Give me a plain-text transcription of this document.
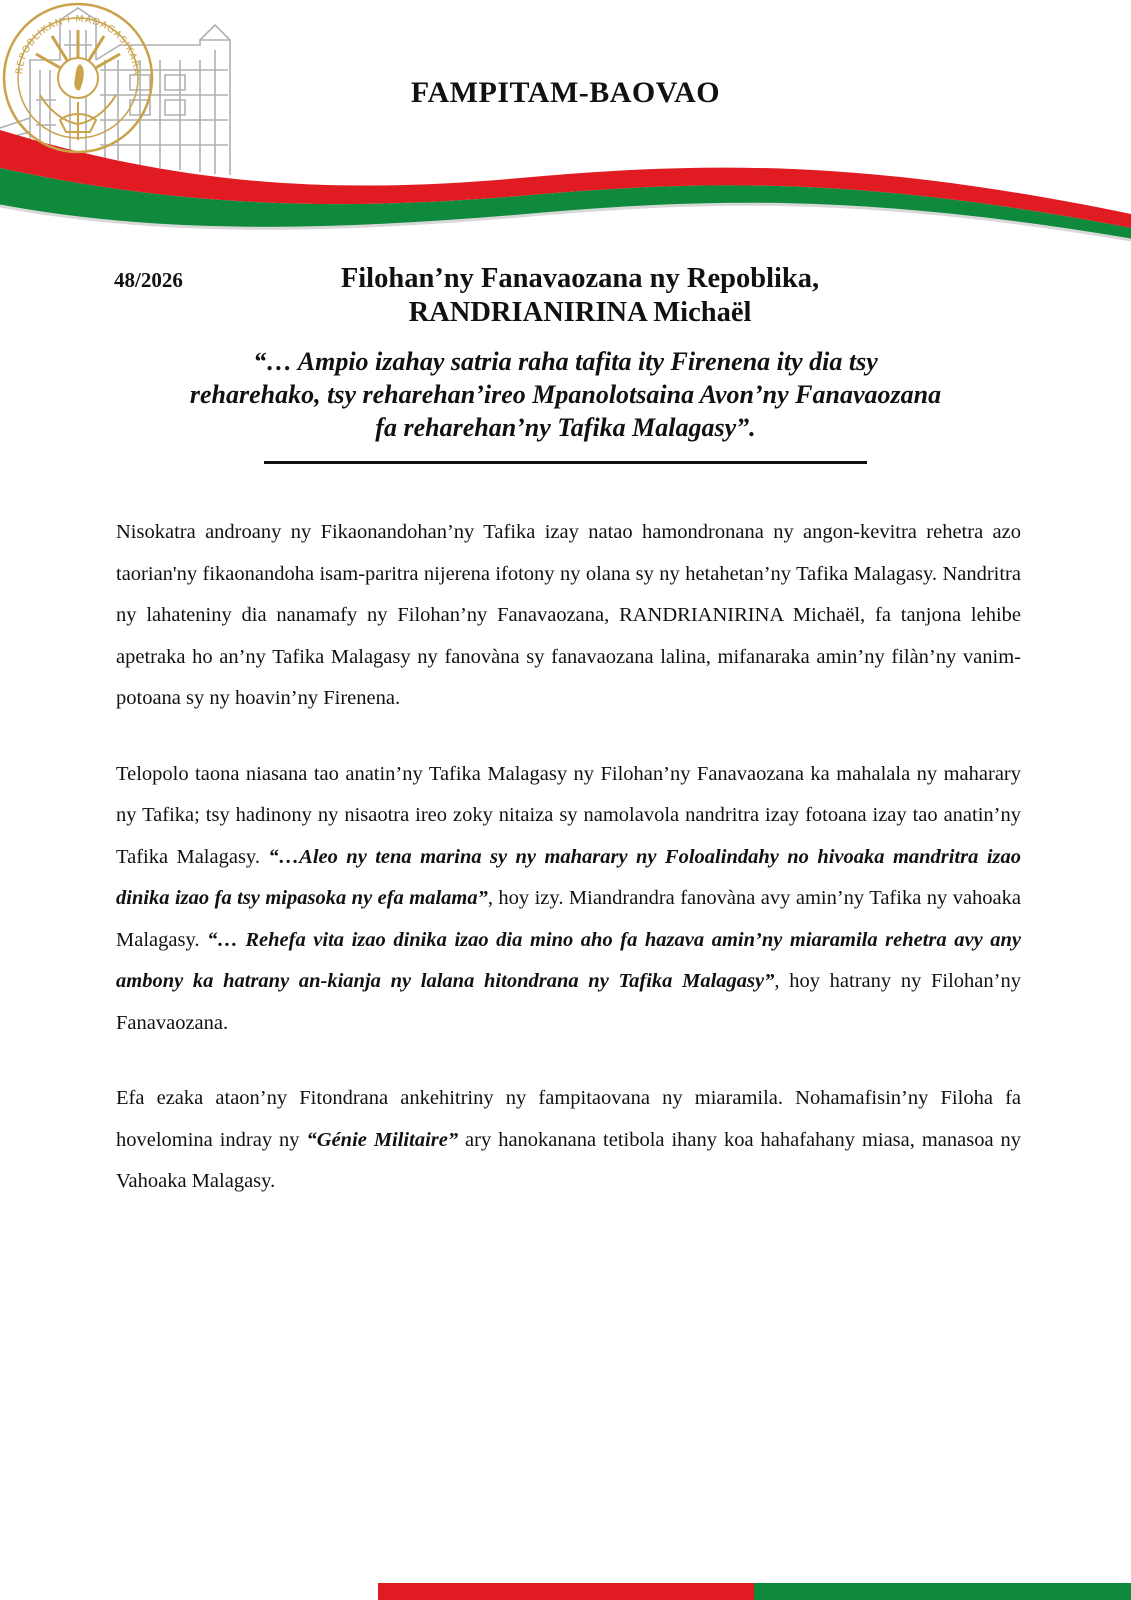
FAMPITAM-BAOVAO
REPOBLIKAN'I MADAGASIKARA
48/2026	Filohan’ny Fanavaozana ny Repoblika,
RANDRIANIRINA Michaël
“… Ampio izahay satria raha tafita ity Firenena ity dia tsy
reharehako, tsy reharehan’ireo Mpanolotsaina Avon’ny Fanavaozana
fa reharehan’ny Tafika Malagasy”.

Nisokatra androany ny Fikaonandohan’ny Tafika izay natao hamondronana ny angon-kevitra rehetra azo taorian'ny fikaonandoha isam-paritra nijerena ifotony ny olana sy ny hetahetan’ny Tafika Malagasy. Nandritra ny lahateniny dia nanamafy ny Filohan’ny Fanavaozana, RANDRIANIRINA Michaël, fa tanjona lehibe apetraka ho an’ny Tafika Malagasy ny fanovàna sy fanavaozana lalina, mifanaraka amin’ny filàn’ny vanim-potoana sy ny hoavin’ny Firenena.

Telopolo taona niasana tao anatin’ny Tafika Malagasy ny Filohan’ny Fanavaozana ka mahalala ny maharary ny Tafika; tsy hadinony ny nisaotra ireo zoky nitaiza sy namolavola nandritra izay fotoana izay tao anatin’ny Tafika Malagasy. “…Aleo ny tena marina sy ny maharary ny Foloalindahy no hivoaka mandritra izao dinika izao fa tsy mipasoka ny efa malama”, hoy izy. Miandrandra fanovàna avy amin’ny Tafika ny vahoaka Malagasy. “… Rehefa vita izao dinika izao dia mino aho fa hazava amin’ny miaramila rehetra avy any ambony ka hatrany an-kianja ny lalana hitondrana ny Tafika Malagasy”, hoy hatrany ny Filohan’ny Fanavaozana.

Efa ezaka ataon’ny Fitondrana ankehitriny ny fampitaovana ny miaramila. Nohamafisin’ny Filoha fa hovelomina indray ny “Génie Militaire” ary hanokanana tetibola ihany koa hahafahany miasa, manasoa ny Vahoaka Malagasy.
